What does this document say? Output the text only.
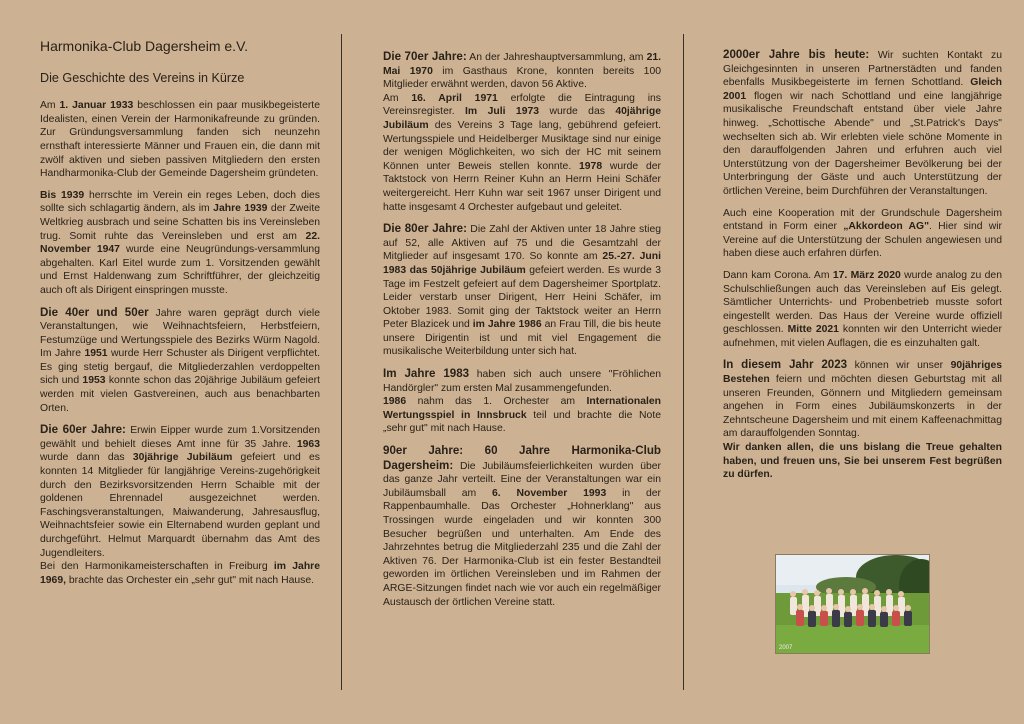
Harmonika-Club Dagersheim e.V.
Die Geschichte des Vereins in Kürze

Am 1. Januar 1933 beschlossen ein paar musikbegeisterte Idealisten, einen Verein der Harmonikafreunde zu gründen. Zur Gründungsversammlung fanden sich neunzehn ernsthaft interessierte Männer und Frauen ein, die dann mit zwölf aktiven und sieben passiven Mitgliedern den ersten Handharmonika-Club der Gemeinde Dagersheim gründeten.

Bis 1939 herrschte im Verein ein reges Leben, doch dies sollte sich schlagartig ändern, als im Jahre 1939 der Zweite Weltkrieg ausbrach und seine Schatten bis ins Vereinsleben trug. Somit ruhte das Vereinsleben und erst am 22. November 1947 wurde eine Neugründungs-versammlung abgehalten. Karl Eitel wurde zum 1. Vorsitzenden gewählt und Ernst Haldenwang zum Schriftführer, der gleichzeitig auch oft als Dirigent einspringen musste.

Die 40er und 50er Jahre waren geprägt durch viele Veranstaltungen, wie Weihnachtsfeiern, Herbstfeiern, Festumzüge und Wertungsspiele des Bezirks Würm Nagold. Im Jahre 1951 wurde Herr Schuster als Dirigent verpflichtet. Es ging stetig bergauf, die Mitgliederzahlen verdoppelten sich und 1953 konnte schon das 20jährige Jubiläum gefeiert werden mit vielen Gastvereinen, auch aus benachbarten Orten.

Die 60er Jahre: Erwin Eipper wurde zum 1.Vorsitzenden gewählt und behielt dieses Amt inne für 35 Jahre. 1963 wurde dann das 30jährige Jubiläum gefeiert und es konnten 14 Mitglieder für langjährige Vereins-zugehörigkeit durch den Bezirksvorsitzenden Herrn Schaible mit der goldenen Ehrennadel ausgezeichnet werden. Faschingsveranstaltungen, Maiwanderung, Jahresausflug, Weihnachtsfeier sowie ein Elternabend wurden geplant und durchgeführt. Helmut Marquardt übernahm das Amt des Jugendleiters.

Bei den Harmonikameisterschaften in Freiburg im Jahre 1969, brachte das Orchester ein „sehr gut" mit nach Hause.

Die 70er Jahre: An der Jahreshauptversammlung, am 21. Mai 1970 im Gasthaus Krone, konnten bereits 100 Mitglieder erwähnt werden, davon 56 Aktive.

Am 16. April 1971 erfolgte die Eintragung ins Vereinsregister. Im Juli 1973 wurde das 40jährige Jubiläum des Vereins 3 Tage lang, gebührend gefeiert. Wertungsspiele und Heidelberger Musiktage sind nur einige der wenigen Möglichkeiten, wo sich der HC mit seinem Können unter Beweis stellen konnte. 1978 wurde der Taktstock von Herrn Reiner Kuhn an Herrn Heini Schäfer weitergereicht. Herr Kuhn war seit 1967 unser Dirigent und hatte insgesamt 4 Orchester aufgebaut und geleitet.

Die 80er Jahre: Die Zahl der Aktiven unter 18 Jahre stieg auf 52, alle Aktiven auf 75 und die Gesamtzahl der Mitglieder auf insgesamt 170. So konnte am 25.-27. Juni 1983 das 50jährige Jubiläum gefeiert werden. Es wurde 3 Tage im Festzelt gefeiert auf dem Dagersheimer Sportplatz. Leider verstarb unser Dirigent, Herr Heini Schäfer, im Oktober 1983. Somit ging der Taktstock weiter an Herrn Peter Blazicek und im Jahre 1986 an Frau Till, die bis heute unsere Dirigentin ist und mit viel Engagement die musikalische Weiterbildung unter sich hat.

Im Jahre 1983 haben sich auch unsere "Fröhlichen Handörgler" zum ersten Mal zusammengefunden.

1986 nahm das 1. Orchester am Internationalen Wertungsspiel in Innsbruck teil und brachte die Note „sehr gut" mit nach Hause.

90er Jahre: 60 Jahre Harmonika-Club Dagersheim: Die Jubiläumsfeierlichkeiten wurden über das ganze Jahr verteilt. Eine der Veranstaltungen war ein Jubiläumsball am 6. November 1993 in der Rappenbaumhalle. Das Orchester „Hohnerklang" aus Trossingen wurde eingeladen und wir konnten 300 Besucher begrüßen und unterhalten. Am Ende des Jahrzehntes betrug die Mitgliederzahl 235 und die Zahl der Aktiven 76. Der Harmonika-Club ist ein fester Bestandteil geworden im örtlichen Vereinsleben und im Rahmen der ARGE-Sitzungen findet nach wie vor auch ein regelmäßiger Austausch der örtlichen Vereine statt.

2000er Jahre bis heute: Wir suchten Kontakt zu Gleichgesinnten in unseren Partnerstädten und fanden ebenfalls Musikbegeisterte im fernen Schottland. Gleich 2001 flogen wir nach Schottland und eine langjährige musikalische Freundschaft entstand über viele Jahre hinweg. „Schottische Abende" und „St.Patrick's Days" wechselten sich ab. Wir erlebten viele schöne Momente in den darauffolgenden Jahren und erfuhren auch viel Unterstützung von der Dagersheimer Bevölkerung bei der Unterbringung der Gäste und auch Unterstützung der örtlichen Vereine, beim Durchführen der Veranstaltungen.

Auch eine Kooperation mit der Grundschule Dagersheim entstand in Form einer „Akkordeon AG". Hier sind wir Vereine auf die Unterstützung der Schulen angewiesen und haben diese auch erfahren dürfen.

Dann kam Corona. Am 17. März 2020 wurde analog zu den Schulschließungen auch das Vereinsleben auf Eis gelegt. Sämtlicher Unterrichts- und Probenbetrieb musste sofort eingestellt werden. Das Haus der Vereine wurde offiziell geschlossen. Mitte 2021 konnten wir den Unterricht wieder aufnehmen, mit vielen Auflagen, die es einzuhalten galt.

In diesem Jahr 2023 können wir unser 90jähriges Bestehen feiern und möchten diesen Geburtstag mit all unseren Freunden, Gönnern und Mitgliedern gemeinsam angehen in Form eines Jubiläumskonzerts in der Zehntscheune Dagersheim und mit einem Kaffeenachmittag am darauffolgenden Sonntag.

Wir danken allen, die uns bislang die Treue gehalten haben, und freuen uns, Sie bei unserem Fest begrüßen zu dürfen.

2007
